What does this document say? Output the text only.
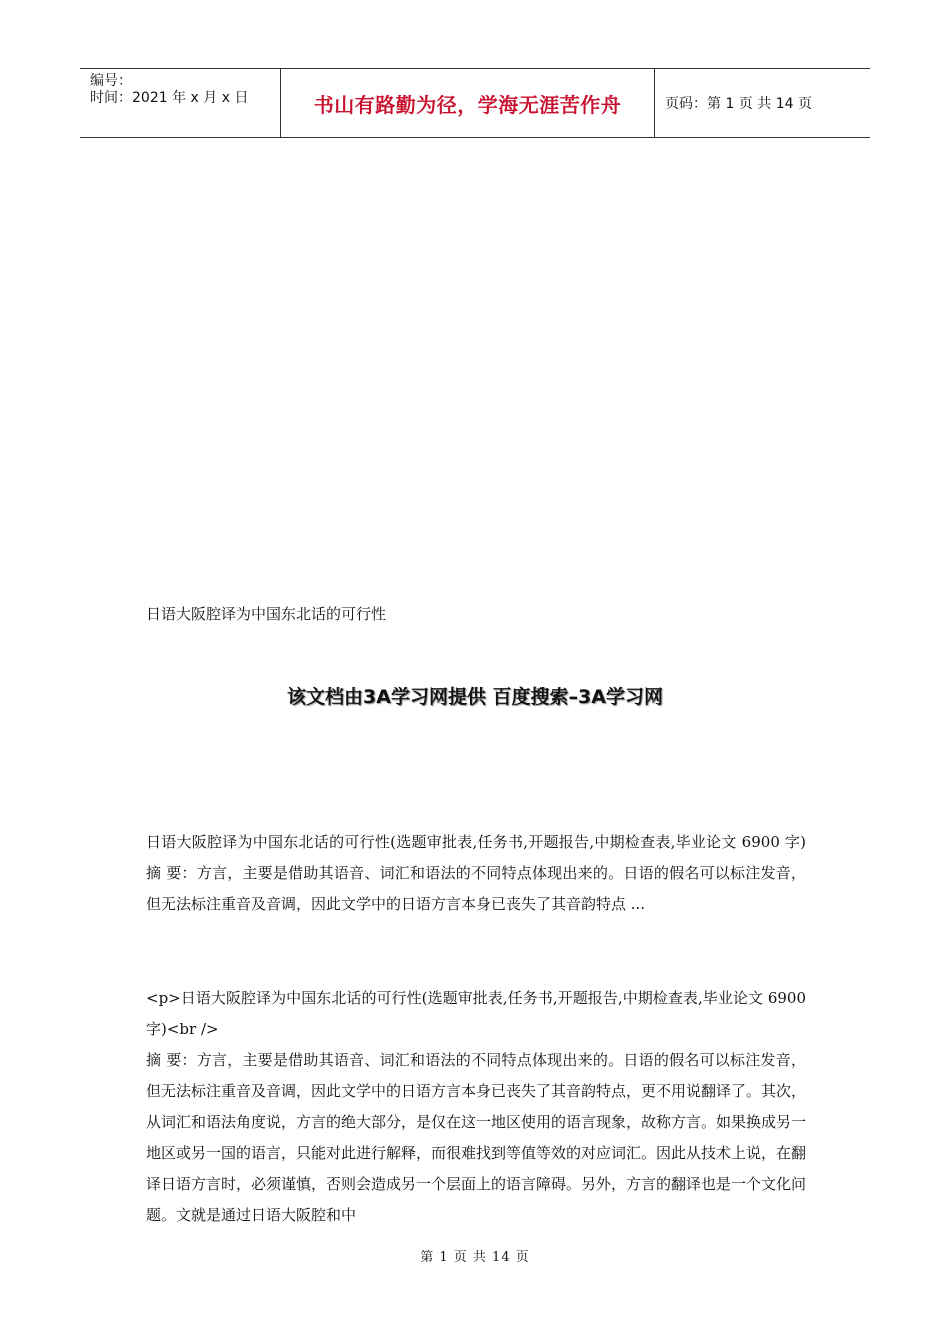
编号：
时间：2021 年 x 月 x 日	书山有路勤为径，学海无涯苦作舟	页码：第 1 页 共 14 页
日语大阪腔译为中国东北话的可行性
该文档由3A学习网提供 百度搜索–3A学习网

日语大阪腔译为中国东北话的可行性(选题审批表,任务书,开题报告,中期检查表,毕业论文 6900 字) 摘 要：方言，主要是借助其语音、词汇和语法的不同特点体现出来的。日语的假名可以标注发音，但无法标注重音及音调，因此文学中的日语方言本身已丧失了其音韵特点 ...

<p>日语大阪腔译为中国东北话的可行性(选题审批表,任务书,开题报告,中期检查表,毕业论文 6900 字)<br />
摘 要：方言，主要是借助其语音、词汇和语法的不同特点体现出来的。日语的假名可以标注发音，但无法标注重音及音调，因此文学中的日语方言本身已丧失了其音韵特点，更不用说翻译了。其次，从词汇和语法角度说，方言的绝大部分，是仅在这一地区使用的语言现象，故称方言。如果换成另一地区或另一国的语言，只能对此进行解释，而很难找到等值等效的对应词汇。因此从技术上说，在翻译日语方言时，必须谨慎，否则会造成另一个层面上的语言障碍。另外，方言的翻译也是一个文化问题。文就是通过日语大阪腔和中

第 1 页 共 14 页
